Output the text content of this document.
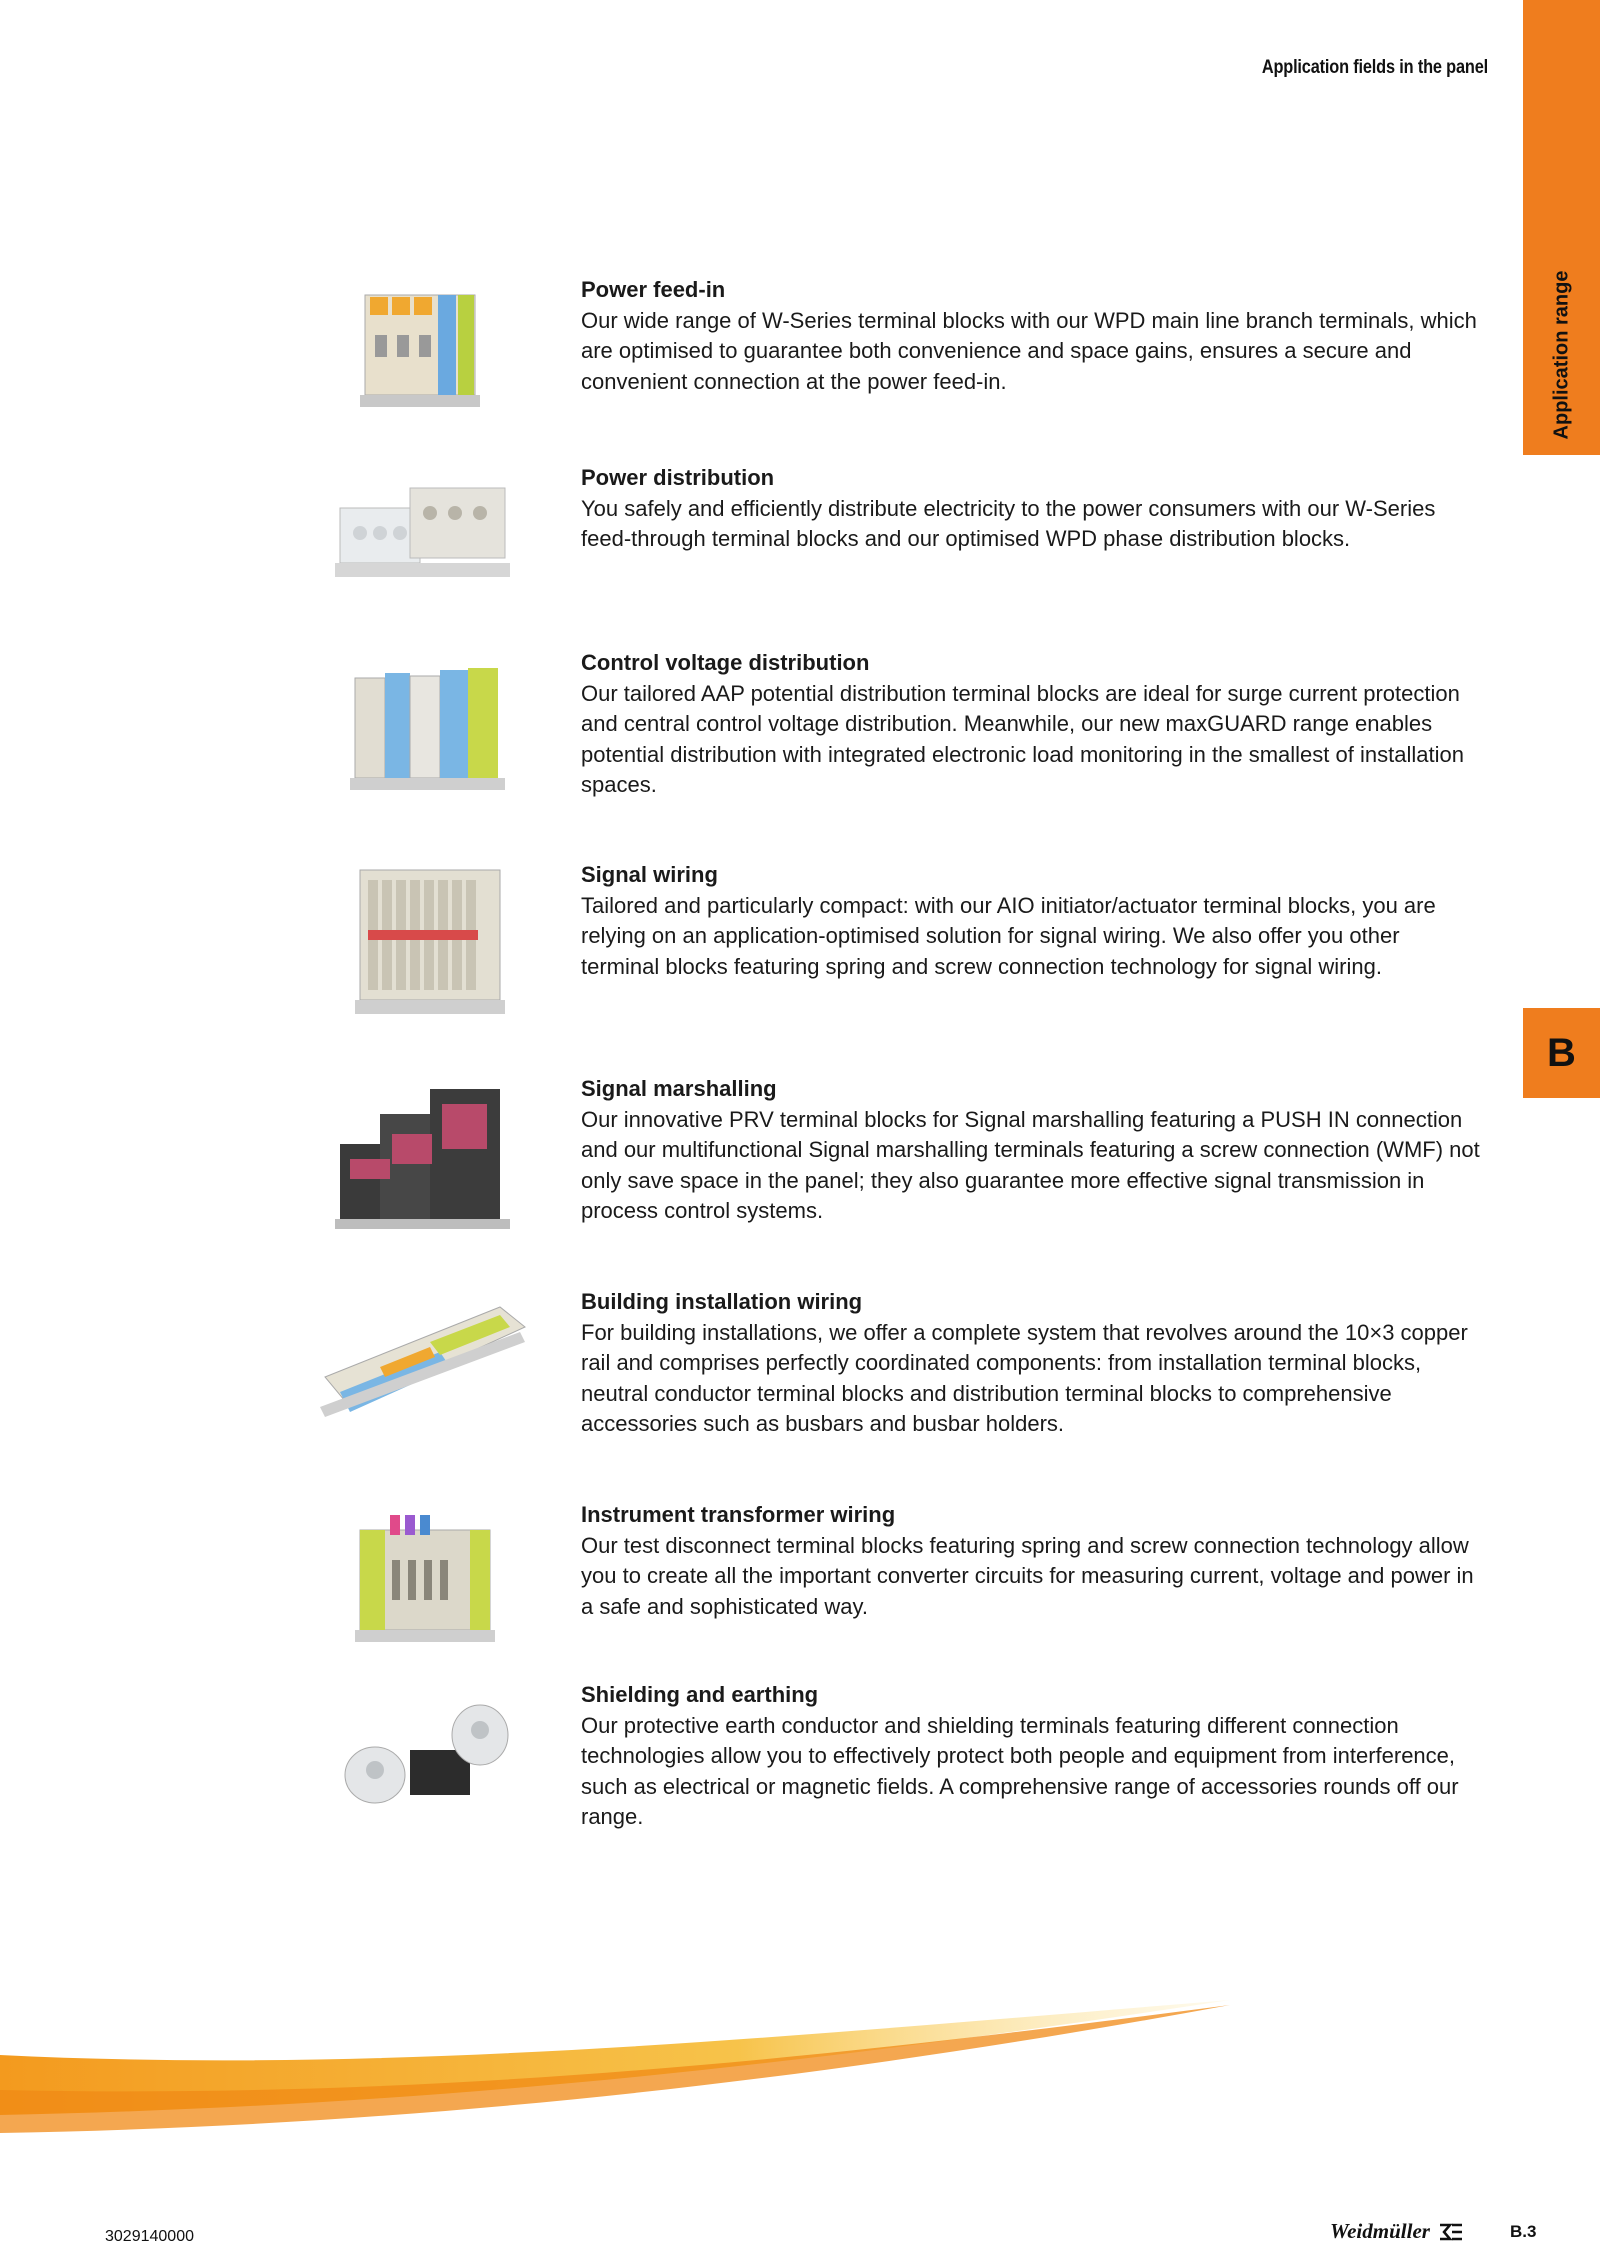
Application fields in the panel
Application range
B
Power feed-in

Our wide range of W-Series terminal blocks with our WPD main line branch terminals, which are optimised to guarantee both convenience and space gains, ensures a secure and convenient connection at the power feed-in.

Power distribution

You safely and efficiently distribute electricity to the power consumers with our W-Series feed-through terminal blocks and our optimised WPD phase distribution blocks.

Control voltage distribution

Our tailored AAP potential distribution terminal blocks are ideal for surge current protection and central control voltage distribution. Meanwhile, our new maxGUARD range enables potential distribution with integrated electronic load monitoring in the smallest of installation spaces.

Signal wiring

Tailored and particularly compact: with our AIO initiator/actuator terminal blocks, you are relying on an application-optimised solution for signal wiring. We also offer you other terminal blocks featuring spring and screw connection technology for signal wiring.

Signal marshalling

Our innovative PRV terminal blocks for Signal marshalling featuring a PUSH IN connection and our multifunctional Signal marshalling terminals featuring a screw connection (WMF) not only save space in the panel; they also guarantee more effective signal transmission in process control systems.

Building installation wiring

For building installations, we offer a complete system that revolves around the 10×3 copper rail and comprises perfectly coordinated components: from installation terminal blocks, neutral conductor terminal blocks and distribution terminal blocks to comprehensive accessories such as busbars and busbar holders.

Instrument transformer wiring

Our test disconnect terminal blocks featuring spring and screw connection technology allow you to create all the important converter circuits for measuring current, voltage and power in a safe and sophisticated way.

Shielding and earthing

Our protective earth conductor and shielding terminals featuring different connection technologies allow you to effectively protect both people and equipment from interference, such as electrical or magnetic fields. A comprehensive range of accessories rounds off our range.

3029140000	Weidmüller	B.3
